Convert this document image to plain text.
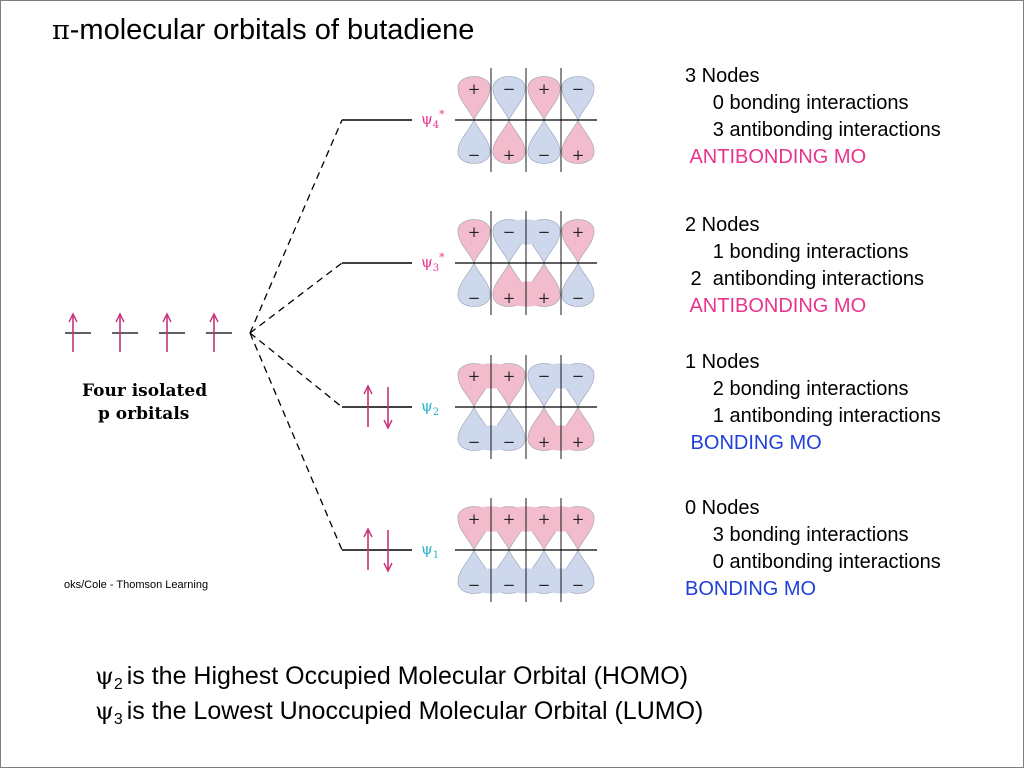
π-molecular orbitals of butadiene
$\psi_4^*$
$\psi_3^*$
$\psi_2$
$\psi_1$
+
−
−
+
+
−
−
+
+
−
−
+
−
+
+
−
+
−
+
−
−
+
−
+
+
−
+
−
+
−
+
−
Four isolated
p orbitals
oks/Cole - Thomson Learning
3 Nodes
0 bonding interactions
3 antibonding interactions
ANTIBONDING MO
2 Nodes
1 bonding interactions
2  antibonding interactions
ANTIBONDING MO
1 Nodes
2 bonding interactions
1 antibonding interactions
BONDING MO
0 Nodes
3 bonding interactions
0 antibonding interactions
BONDING MO
$\psi_2$ is the Highest Occupied Molecular Orbital (HOMO)
$\psi_3$ is the Lowest Unoccupied Molecular Orbital (LUMO)
